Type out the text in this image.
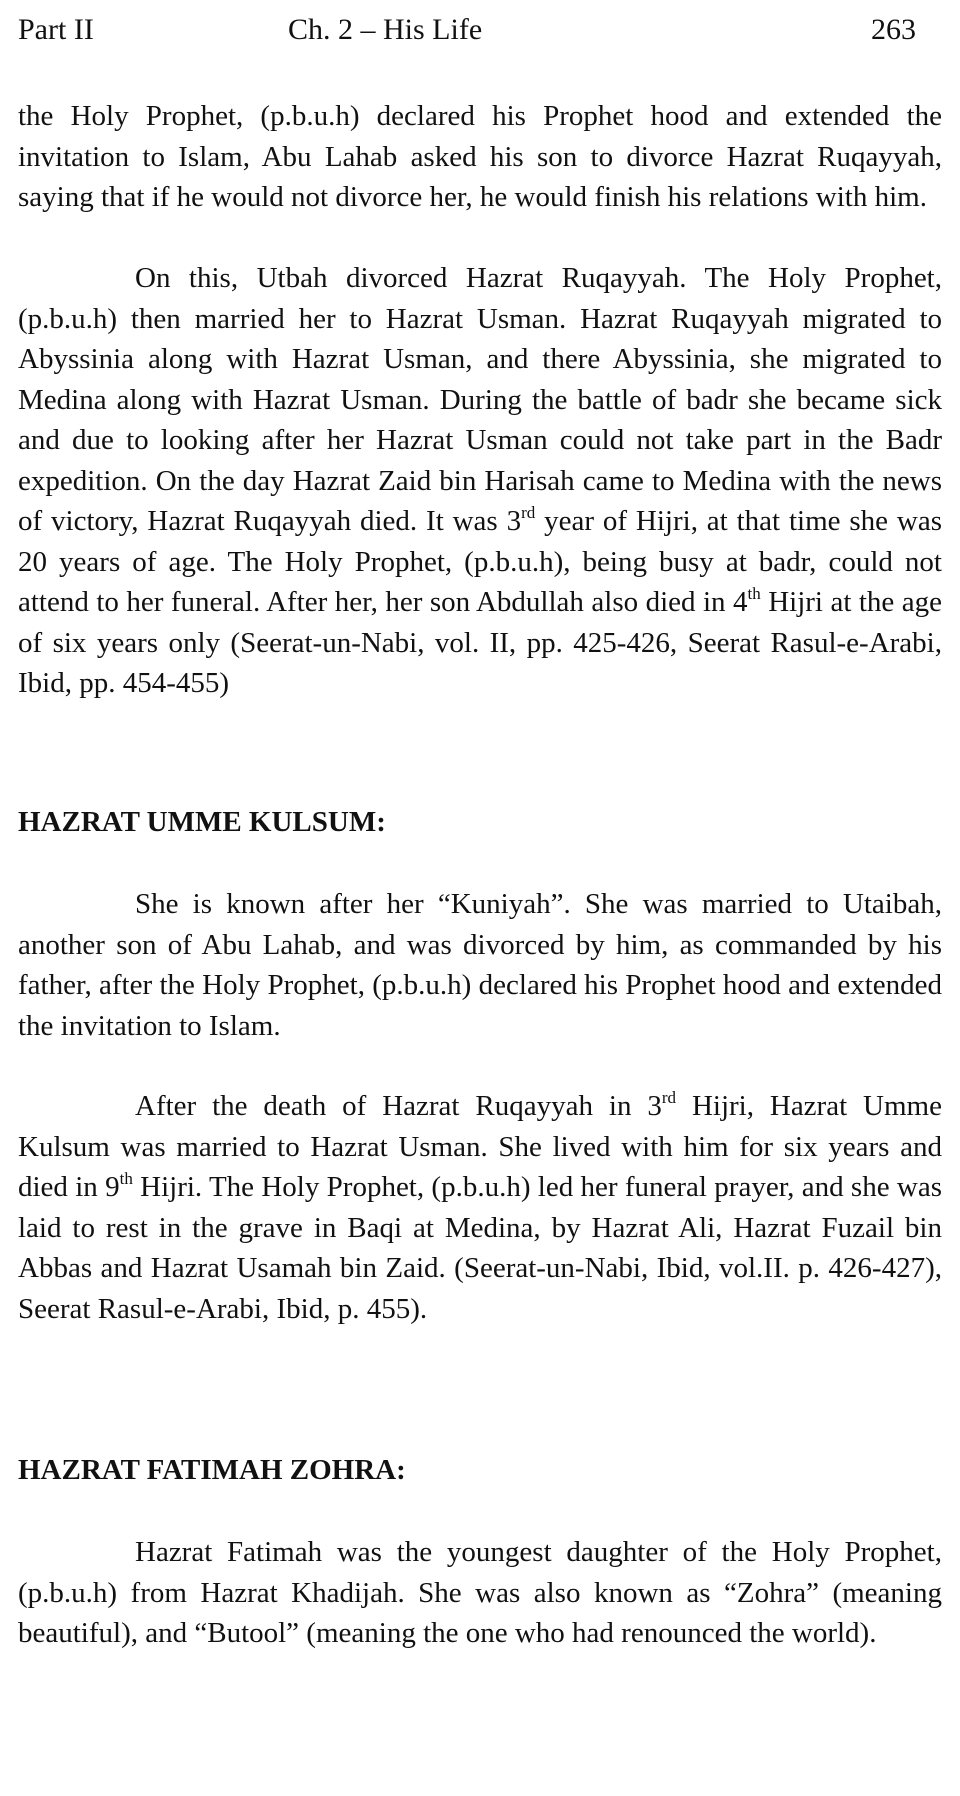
Part II	Ch. 2 – His Life	263

the Holy Prophet, (p.b.u.h) declared his Prophet hood and extended the invitation to Islam, Abu Lahab asked his son to divorce Hazrat Ruqayyah, saying that if he would not divorce her, he would finish his relations with him.

On this, Utbah divorced Hazrat Ruqayyah. The Holy Prophet, (p.b.u.h) then married her to Hazrat Usman. Hazrat Ruqayyah migrated to Abyssinia along with Hazrat Usman, and there Abyssinia, she migrated to Medina along with Hazrat Usman. During the battle of badr she became sick and due to looking after her Hazrat Usman could not take part in the Badr expedition. On the day Hazrat Zaid bin Harisah came to Medina with the news of victory, Hazrat Ruqayyah died. It was 3rd year of Hijri, at that time she was 20 years of age. The Holy Prophet, (p.b.u.h), being busy at badr, could not attend to her funeral. After her, her son Abdullah also died in 4th Hijri at the age of six years only (Seerat-un-Nabi, vol. II, pp. 425-426, Seerat Rasul-e-Arabi, Ibid, pp. 454-455)

HAZRAT UMME KULSUM:

She is known after her “Kuniyah”. She was married to Utaibah, another son of Abu Lahab, and was divorced by him, as commanded by his father, after the Holy Prophet, (p.b.u.h) declared his Prophet hood and extended the invitation to Islam.

After the death of Hazrat Ruqayyah in 3rd Hijri, Hazrat Umme Kulsum was married to Hazrat Usman. She lived with him for six years and died in 9th Hijri. The Holy Prophet, (p.b.u.h) led her funeral prayer, and she was laid to rest in the grave in Baqi at Medina, by Hazrat Ali, Hazrat Fuzail bin Abbas and Hazrat Usamah bin Zaid. (Seerat-un-Nabi, Ibid, vol.II. p. 426-427), Seerat Rasul-e-Arabi, Ibid, p. 455).

HAZRAT FATIMAH ZOHRA:

Hazrat Fatimah was the youngest daughter of the Holy Prophet, (p.b.u.h) from Hazrat Khadijah. She was also known as “Zohra” (meaning beautiful), and “Butool” (meaning the one who had renounced the world).
